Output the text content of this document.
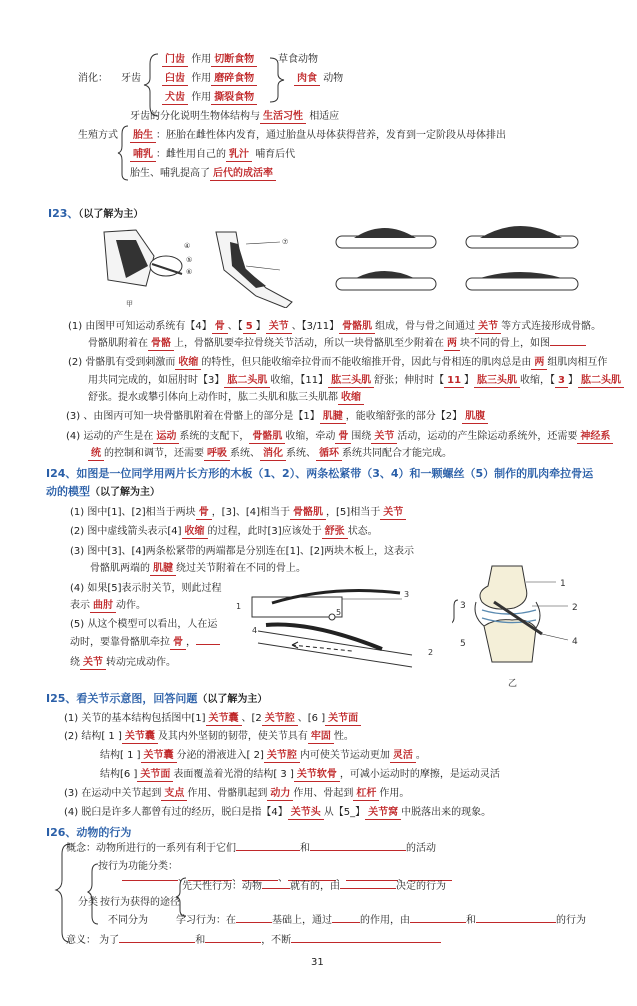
消化： 牙齿
门齿 作用 切断食物
臼齿 作用 磨碎食物
犬齿 作用 撕裂食物
草食动物
肉食 动物
牙齿的分化说明生物体结构与 生活习性 相适应
生殖方式	胎生 ：胚胎在雌性体内发育，通过胎盘从母体获得营养，发育到一定阶段从母体排出
哺乳 ：雌性用自己的 乳汁 哺育后代
胎生、哺乳提高了 后代的成活率
I23、（以了解为主）
④
⑤
⑥
⑦
甲
(1) 由图甲可知运动系统有【4】 骨 、【 5 】 关节 、【3/11】 骨骼肌 组成，骨与骨之间通过 关节 等方式连接形成骨骼。
骨骼肌附着在 骨骼 上，骨骼肌要牵拉骨绕关节活动，所以一块骨骼肌至少附着在 两 块不同的骨上，如图
(2) 骨骼肌有受到刺激而 收缩 的特性，但只能收缩牵拉骨而不能收缩推开骨，因此与骨相连的肌肉总是由 两 组肌肉相互作
用共同完成的，如屈肘时【3】 肱二头肌 收缩，【11】 肱三头肌 舒张；伸肘时【 11 】 肱三头肌 收缩，【 3 】 肱二头肌
舒张。提水或攀引体向上动作时，肱二头肌和肱三头肌都 收缩
(3) 、由图丙可知一块骨骼肌附着在骨骼上的部分是【1】 肌腱 ，能收缩舒张的部分【2】 肌腹
(4) 运动的产生是在 运动 系统的支配下， 骨骼肌 收缩，牵动 骨 围绕 关节 活动，运动的产生除运动系统外，还需要 神经系
统 的控制和调节，还需要 呼吸 系统、 消化 系统、 循环 系统共同配合才能完成。
I24、如图是一位同学用两片长方形的木板（1、2）、两条松紧带（3、4）和一颗螺丝（5）制作的肌肉牵拉骨运
动的模型（以了解为主）
(1) 图中[1]、[2]相当于两块 骨 ，[3]、[4]相当于 骨骼肌 ，[5]相当于 关节
(2) 图中虚线箭头表示[4] 收缩 的过程，此时[3]应该处于 舒张 状态。
(3) 图中[3]、[4]两条松紧带的两端都是分别连在[1]、[2]两块木板上，这表示
骨骼肌两端的 肌腱 绕过关节附着在不同的骨上。
(4) 如果[5]表示肘关节，则此过程
表示 曲肘 动作。
(5) 从这个模型可以看出，人在运
动时，要靠骨骼肌牵拉 骨 ，
绕 关节 转动完成动作。
1
2
3
4
5
1
2
3
4
5
乙
I25、看关节示意图，回答问题（以了解为主）
(1) 关节的基本结构包括图中[1] 关节囊 、[2 关节腔 、[6 ] 关节面
(2) 结构[ 1 ] 关节囊 及其内外坚韧的韧带，使关节具有 牢固 性。
结构[ 1 ] 关节囊 分泌的滑液进入[ 2] 关节腔 内可使关节运动更加 灵活 。
结构[6 ] 关节面 表面覆盖着光滑的结构[ 3 ] 关节软骨 ，可减小运动时的摩擦，是运动灵活
(3) 在运动中关节起到 支点 作用、骨骼肌起到 动力 作用、骨起到 杠杆 作用。
(4) 脱臼是许多人都曾有过的经历，脱臼是指【4】 关节头 从【5_】 关节窝 中脱落出来的现象。
I26、动物的行为
概念：动物所进行的一系列有利于它们	和	的活动
按行为功能分类：
、	、	、	、	、
先天性行为：动物	就有的，由	决定的行为
分类 按行为获得的途径
不同分为	学习行为：在	基础上，通过	的作用，由	和	的行为
意义： 为了	和	，不断
31
